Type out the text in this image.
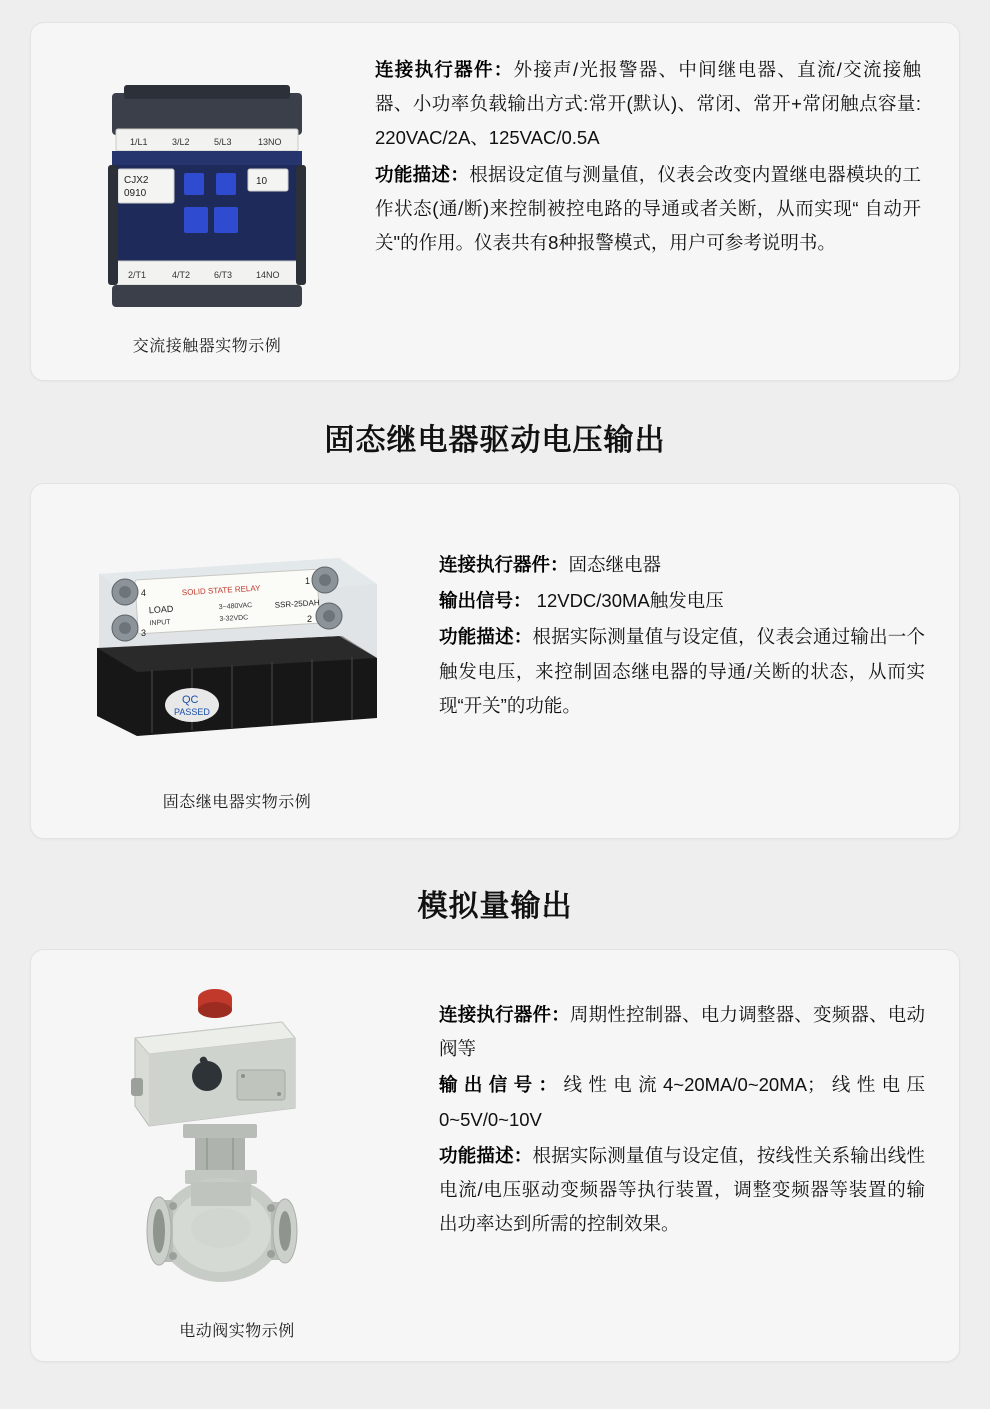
1/L1	3/L2	5/L3	13NO
CJX2
0910
10
2/T1	4/T2	6/T3	14NO
交流接触器实物示例

连接执行器件：外接声/光报警器、中间继电器、直流/交流接触器、小功率负载输出方式:常开(默认)、常闭、常开+常闭触点容量: 220VAC/2A、125VAC/0.5A

功能描述：根据设定值与测量值，仪表会改变内置继电器模块的工作状态(通/断)来控制被控电路的导通或者关断，从而实现“ 自动开关"的作用。仪表共有8种报警模式，用户可参考说明书。

固态继电器驱动电压输出
QC
PASSED
SOLID STATE RELAY
LOAD
INPUT
3~480VAC
3-32VDC
SSR-25DAH
3
4
1
2
固态继电器实物示例

连接执行器件：固态继电器

输出信号： 12VDC/30MA触发电压

功能描述：根据实际测量值与设定值，仪表会通过输出一个触发电压，来控制固态继电器的导通/关断的状态，从而实现“开关”的功能。

模拟量输出
电动阀实物示例

连接执行器件：周期性控制器、电力调整器、变频器、电动阀等

输出信号：线性电流4~20MA/0~20MA；线性电压0~5V/0~10V

功能描述：根据实际测量值与设定值，按线性关系输出线性电流/电压驱动变频器等执行装置，调整变频器等装置的输出功率达到所需的控制效果。
